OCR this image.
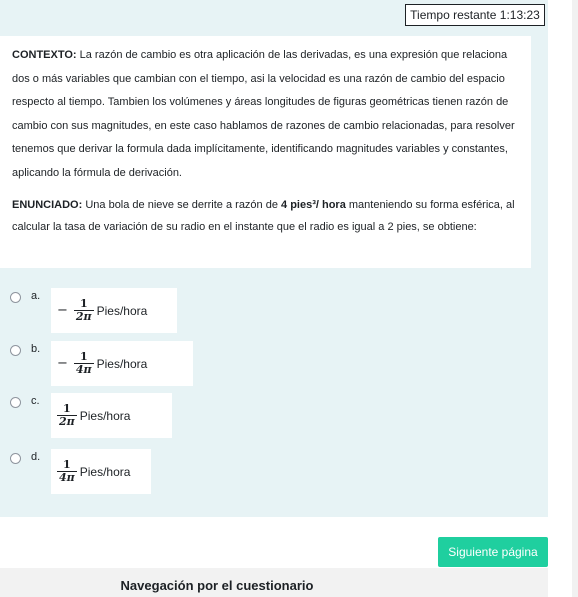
Tiempo restante 1:13:23

CONTEXTO: La razón de cambio es otra aplicación de las derivadas, es una expresión que relaciona dos o más variables que cambian con el tiempo, asi la velocidad es una razón de cambio del espacio respecto al tiempo. Tambien los volúmenes y áreas longitudes de figuras geométricas tienen razón de cambio con sus magnitudes, en este caso hablamos de razones de cambio relacionadas, para resolver tenemos que derivar la formula dada implícitamente, identificando magnitudes variables y constantes, aplicando la fórmula de derivación.

ENUNCIADO: Una bola de nieve se derrite a razón de 4 pies³/ hora manteniendo su forma esférica, al calcular la tasa de variación de su radio en el instante que el radio es igual a 2 pies, se obtiene:

a.
− $\frac{1}{2\pi}$ Pies/hora
b.
− $\frac{1}{4\pi}$ Pies/hora
c.
$\frac{1}{2\pi}$ Pies/hora
d.
$\frac{1}{4\pi}$ Pies/hora
Siguiente página
Navegación por el cuestionario
